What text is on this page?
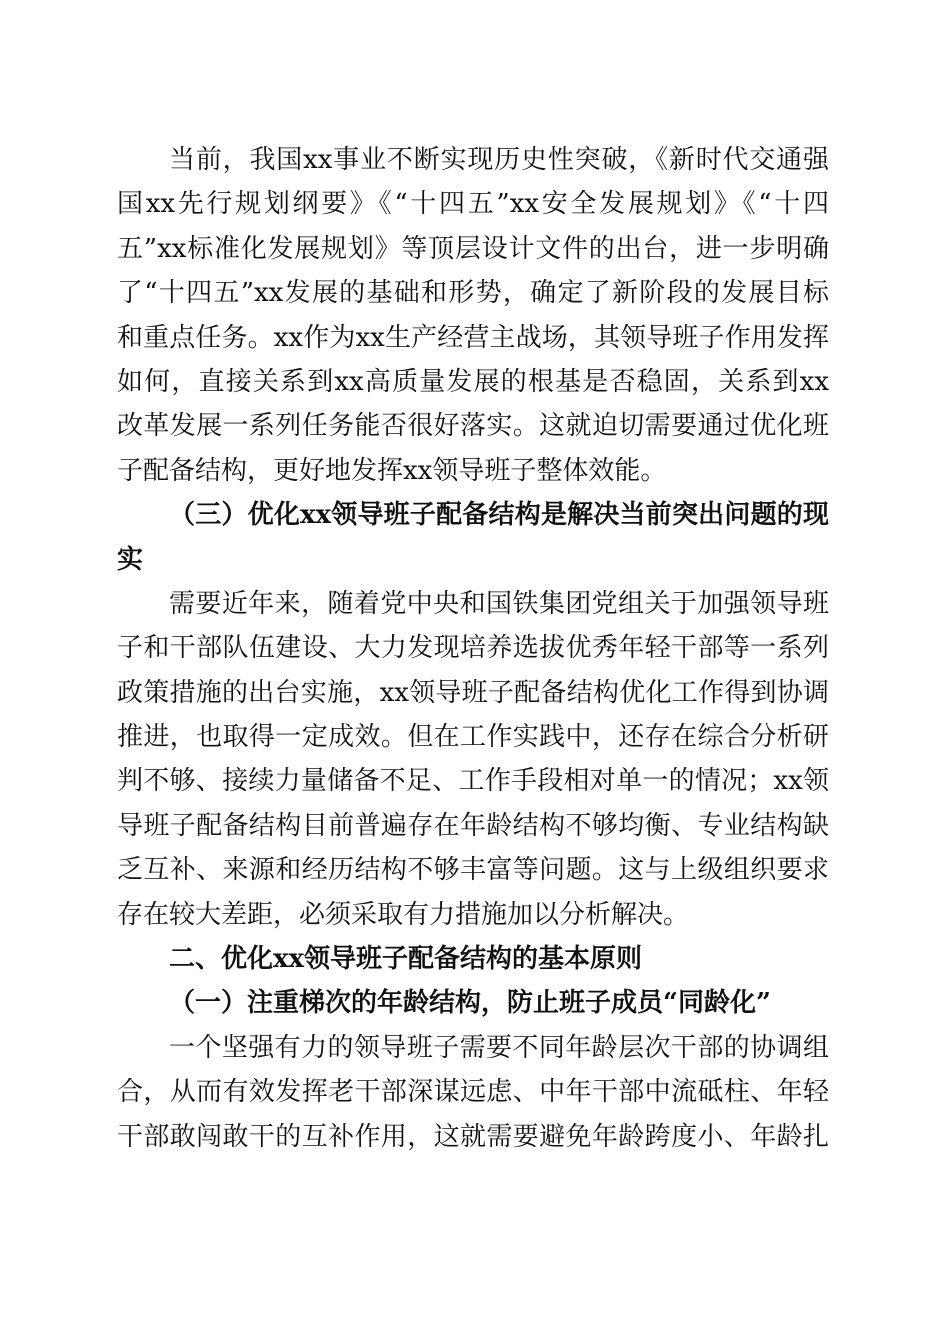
当前，我国xx事业不断实现历史性突破，《新时代交通强
国xx先行规划纲要》《“十四五”xx安全发展规划》《“十四
五”xx标准化发展规划》等顶层设计文件的出台，进一步明确
了“十四五”xx发展的基础和形势，确定了新阶段的发展目标
和重点任务。xx作为xx生产经营主战场，其领导班子作用发挥
如何，直接关系到xx高质量发展的根基是否稳固，关系到xx
改革发展一系列任务能否很好落实。这就迫切需要通过优化班
子配备结构，更好地发挥xx领导班子整体效能。
（三）优化xx领导班子配备结构是解决当前突出问题的现
实
需要近年来，随着党中央和国铁集团党组关于加强领导班
子和干部队伍建设、大力发现培养选拔优秀年轻干部等一系列
政策措施的出台实施，xx领导班子配备结构优化工作得到协调
推进，也取得一定成效。但在工作实践中，还存在综合分析研
判不够、接续力量储备不足、工作手段相对单一的情况；xx领
导班子配备结构目前普遍存在年龄结构不够均衡、专业结构缺
乏互补、来源和经历结构不够丰富等问题。这与上级组织要求
存在较大差距，必须采取有力措施加以分析解决。
二、优化xx领导班子配备结构的基本原则
（一）注重梯次的年龄结构，防止班子成员“同龄化”
一个坚强有力的领导班子需要不同年龄层次干部的协调组
合，从而有效发挥老干部深谋远虑、中年干部中流砥柱、年轻
干部敢闯敢干的互补作用，这就需要避免年龄跨度小、年龄扎
